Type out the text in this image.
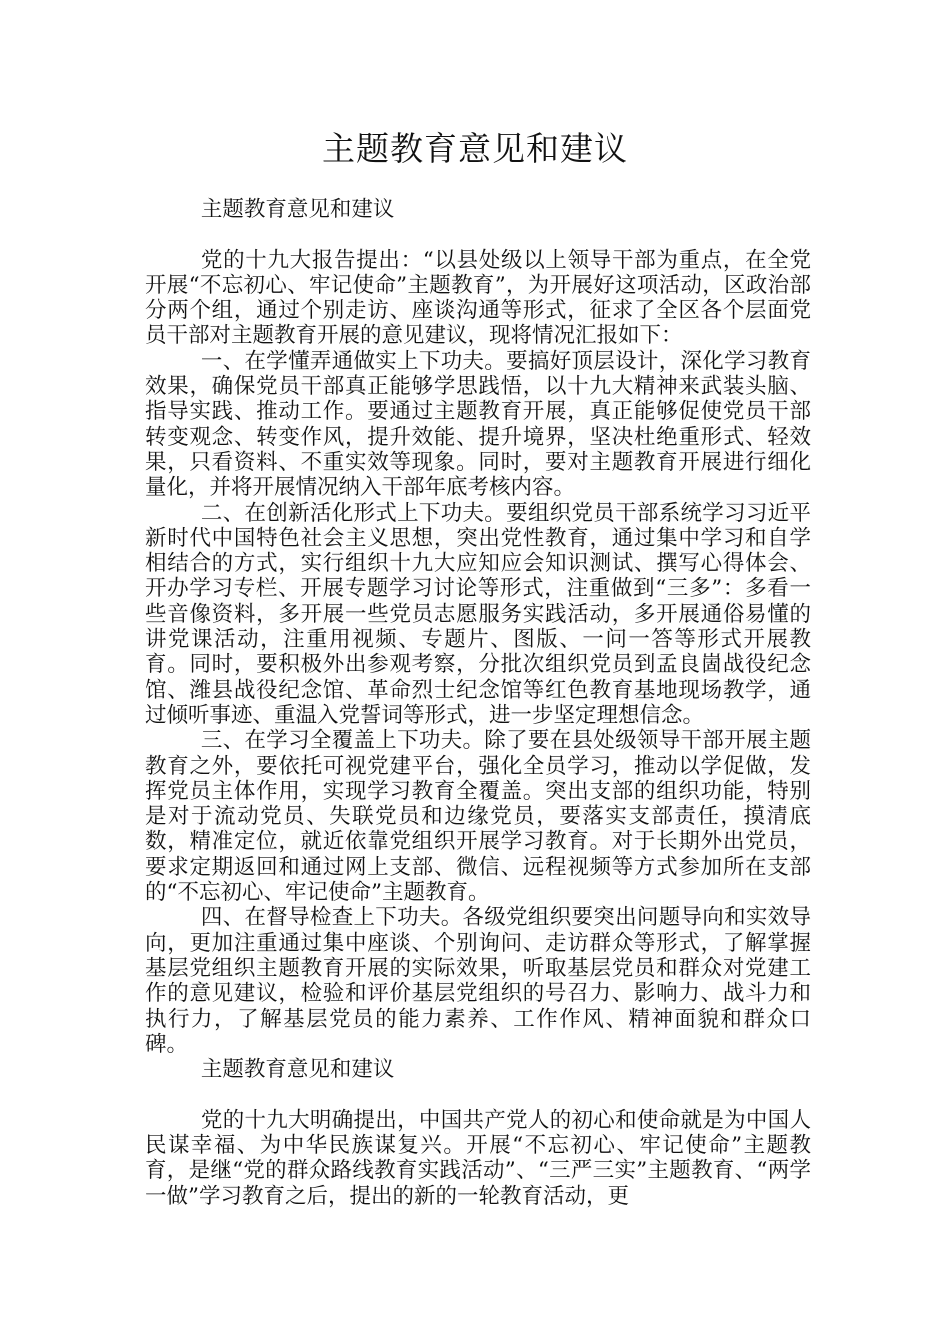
主题教育意见和建议

主题教育意见和建议

党的十九大报告提出：“以县处级以上领导干部为重点，在全党开展“不忘初心、牢记使命”主题教育”，为开展好这项活动，区政治部分两个组，通过个别走访、座谈沟通等形式，征求了全区各个层面党员干部对主题教育开展的意见建议，现将情况汇报如下：

一、在学懂弄通做实上下功夫。要搞好顶层设计，深化学习教育效果，确保党员干部真正能够学思践悟，以十九大精神来武装头脑、指导实践、推动工作。要通过主题教育开展，真正能够促使党员干部转变观念、转变作风，提升效能、提升境界，坚决杜绝重形式、轻效果，只看资料、不重实效等现象。同时，要对主题教育开展进行细化量化，并将开展情况纳入干部年底考核内容。

二、在创新活化形式上下功夫。要组织党员干部系统学习习近平新时代中国特色社会主义思想，突出党性教育，通过集中学习和自学相结合的方式，实行组织十九大应知应会知识测试、撰写心得体会、开办学习专栏、开展专题学习讨论等形式，注重做到“三多”：多看一些音像资料，多开展一些党员志愿服务实践活动，多开展通俗易懂的讲党课活动，注重用视频、专题片、图版、一问一答等形式开展教育。同时，要积极外出参观考察，分批次组织党员到孟良崮战役纪念馆、潍县战役纪念馆、革命烈士纪念馆等红色教育基地现场教学，通过倾听事迹、重温入党誓词等形式，进一步坚定理想信念。

三、在学习全覆盖上下功夫。除了要在县处级领导干部开展主题教育之外，要依托可视党建平台，强化全员学习，推动以学促做，发挥党员主体作用，实现学习教育全覆盖。突出支部的组织功能，特别是对于流动党员、失联党员和边缘党员，要落实支部责任，摸清底数，精准定位，就近依靠党组织开展学习教育。对于长期外出党员，要求定期返回和通过网上支部、微信、远程视频等方式参加所在支部的“不忘初心、牢记使命”主题教育。

四、在督导检查上下功夫。各级党组织要突出问题导向和实效导向，更加注重通过集中座谈、个别询问、走访群众等形式，了解掌握基层党组织主题教育开展的实际效果，听取基层党员和群众对党建工作的意见建议，检验和评价基层党组织的号召力、影响力、战斗力和执行力，了解基层党员的能力素养、工作作风、精神面貌和群众口碑。

主题教育意见和建议

党的十九大明确提出，中国共产党人的初心和使命就是为中国人民谋幸福、为中华民族谋复兴。开展“不忘初心、牢记使命”主题教育，是继“党的群众路线教育实践活动”、“三严三实”主题教育、“两学一做”学习教育之后，提出的新的一轮教育活动，更
